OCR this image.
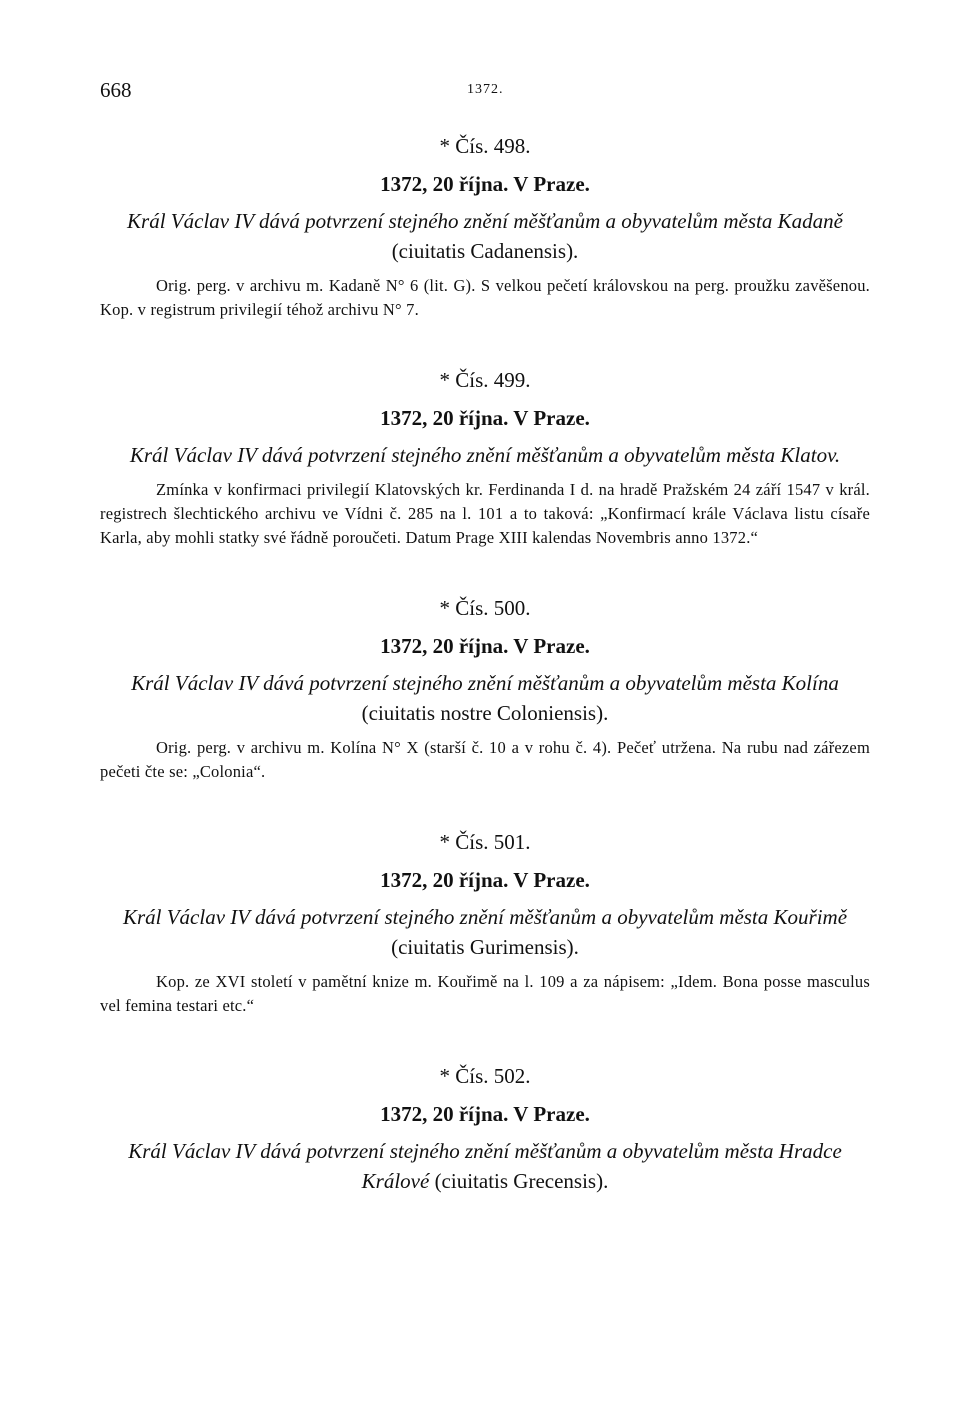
668	1372.
* Čís. 498.
1372, 20 října. V Praze.

Král Václav IV dává potvrzení stejného znění měšťanům a obyvatelům města Kadaně (ciuitatis Cadanensis).

Orig. perg. v archivu m. Kadaně N° 6 (lit. G). S velkou pečetí královskou na perg. proužku zavěšenou. Kop. v registrum privilegií téhož archivu N° 7.

* Čís. 499.
1372, 20 října. V Praze.

Král Václav IV dává potvrzení stejného znění měšťanům a obyvatelům města Klatov.

Zmínka v konfirmaci privilegií Klatovských kr. Ferdinanda I d. na hradě Pražském 24 září 1547 v král. registrech šlechtického archivu ve Vídni č. 285 na l. 101 a to taková: „Konfirmací krále Václava listu císaře Karla, aby mohli statky své řádně poroučeti. Datum Prage XIII kalendas Novembris anno 1372.“

* Čís. 500.
1372, 20 října. V Praze.

Král Václav IV dává potvrzení stejného znění měšťanům a obyvatelům města Kolína (ciuitatis nostre Coloniensis).

Orig. perg. v archivu m. Kolína N° X (starší č. 10 a v rohu č. 4). Pečeť utržena. Na rubu nad zářezem pečeti čte se: „Colonia“.

* Čís. 501.
1372, 20 října. V Praze.

Král Václav IV dává potvrzení stejného znění měšťanům a obyvatelům města Kouřimě (ciuitatis Gurimensis).

Kop. ze XVI století v pamětní knize m. Kouřimě na l. 109 a za nápisem: „Idem. Bona posse masculus vel femina testari etc.“

* Čís. 502.
1372, 20 října. V Praze.

Král Václav IV dává potvrzení stejného znění měšťanům a obyvatelům města Hradce Králové (ciuitatis Grecensis).
